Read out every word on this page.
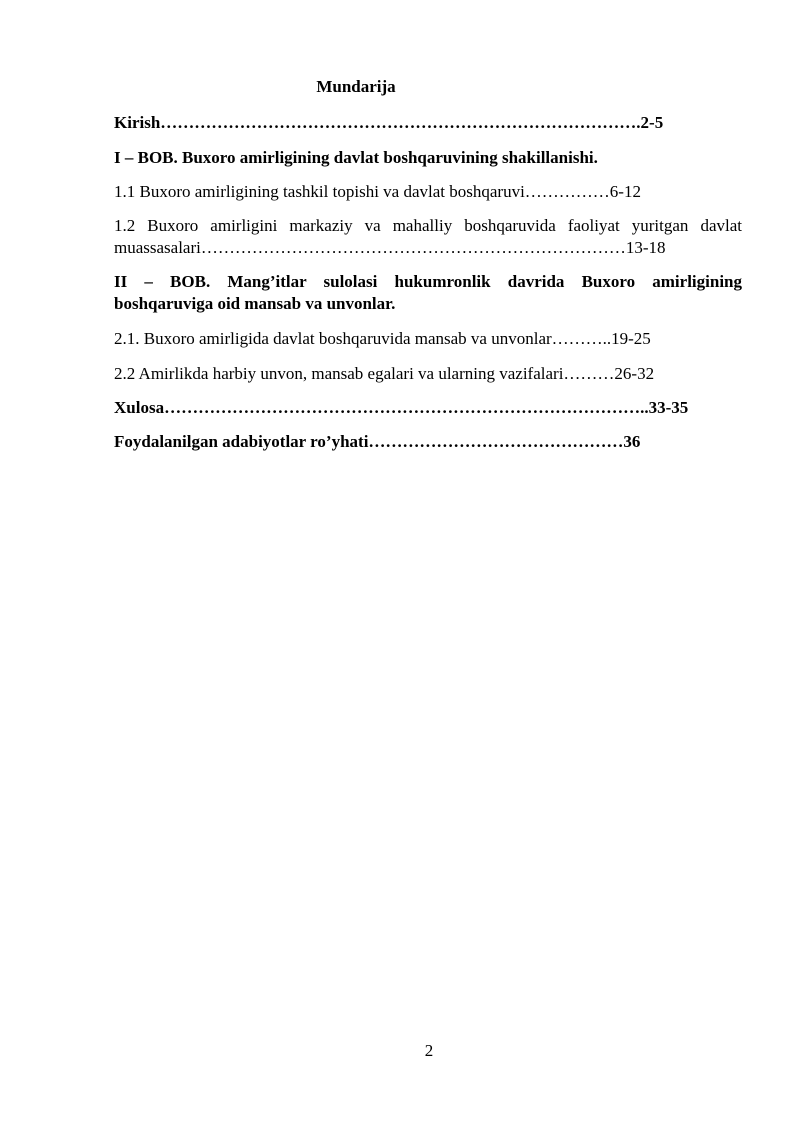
Mundarija
Kirish………………………………………………………………………….2-5
I – BOB. Buxoro amirligining davlat boshqaruvining shakillanishi.
1.1 Buxoro amirligining tashkil topishi va davlat boshqaruvi……………6-12
1.2 Buxoro amirligini markaziy va mahalliy boshqaruvida faoliyat yuritgan davlat
muassasalari…………………………………………………………………13-18
II – BOB. Mang’itlar sulolasi hukumronlik davrida Buxoro amirligining
boshqaruviga oid mansab va unvonlar.
2.1. Buxoro amirligida davlat boshqaruvida mansab va unvonlar………..19-25
2.2 Amirlikda harbiy unvon, mansab egalari va ularning vazifalari………26-32
Xulosa…………………………………………………………………………..33-35
Foydalanilgan adabiyotlar ro’yhati………………………………………36
2
